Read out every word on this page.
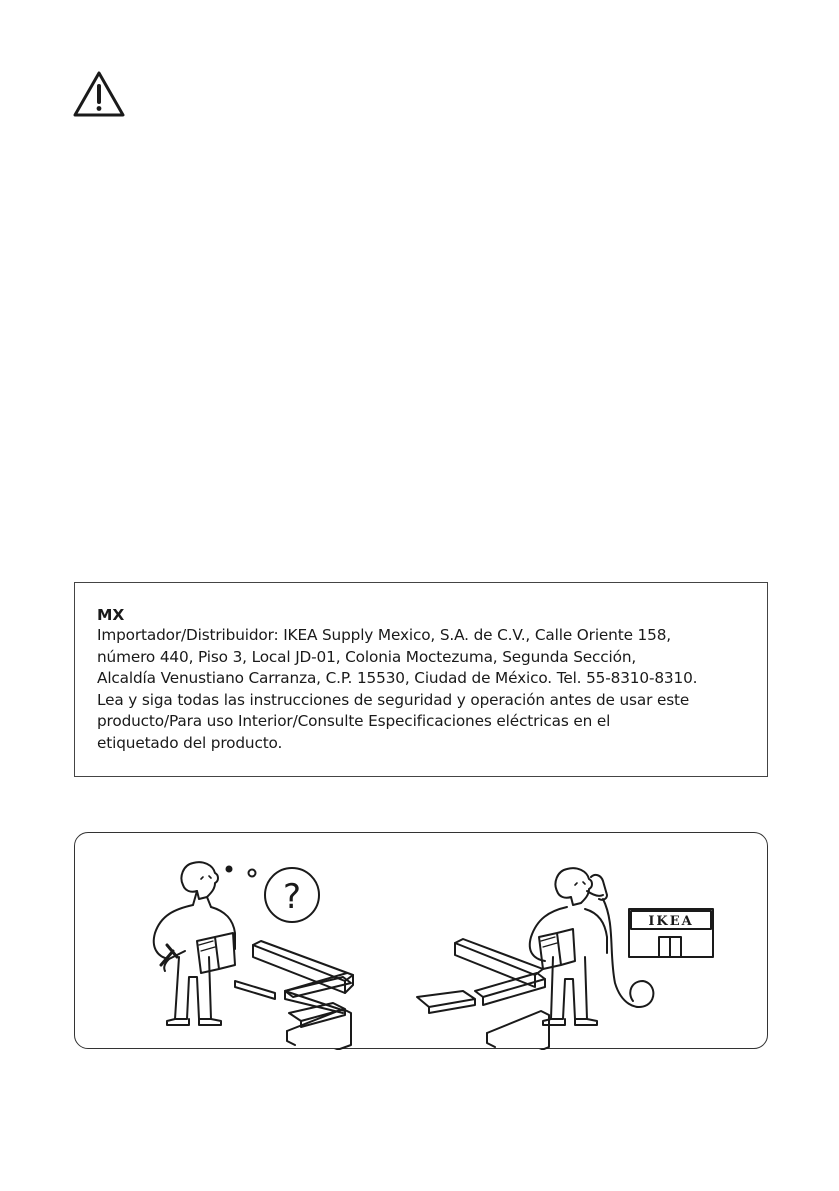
MX

Importador/Distribuidor: IKEA Supply Mexico, S.A. de C.V., Calle Oriente 158,
número 440, Piso 3, Local JD-01, Colonia Moctezuma, Segunda Sección,
Alcaldía Venustiano Carranza, C.P. 15530, Ciudad de México. Tel. 55-8310-8310.
Lea y siga todas las instrucciones de seguridad y operación antes de usar este
producto/Para uso Interior/Consulte Especificaciones eléctricas en el
etiquetado del producto.

?
IKEA
